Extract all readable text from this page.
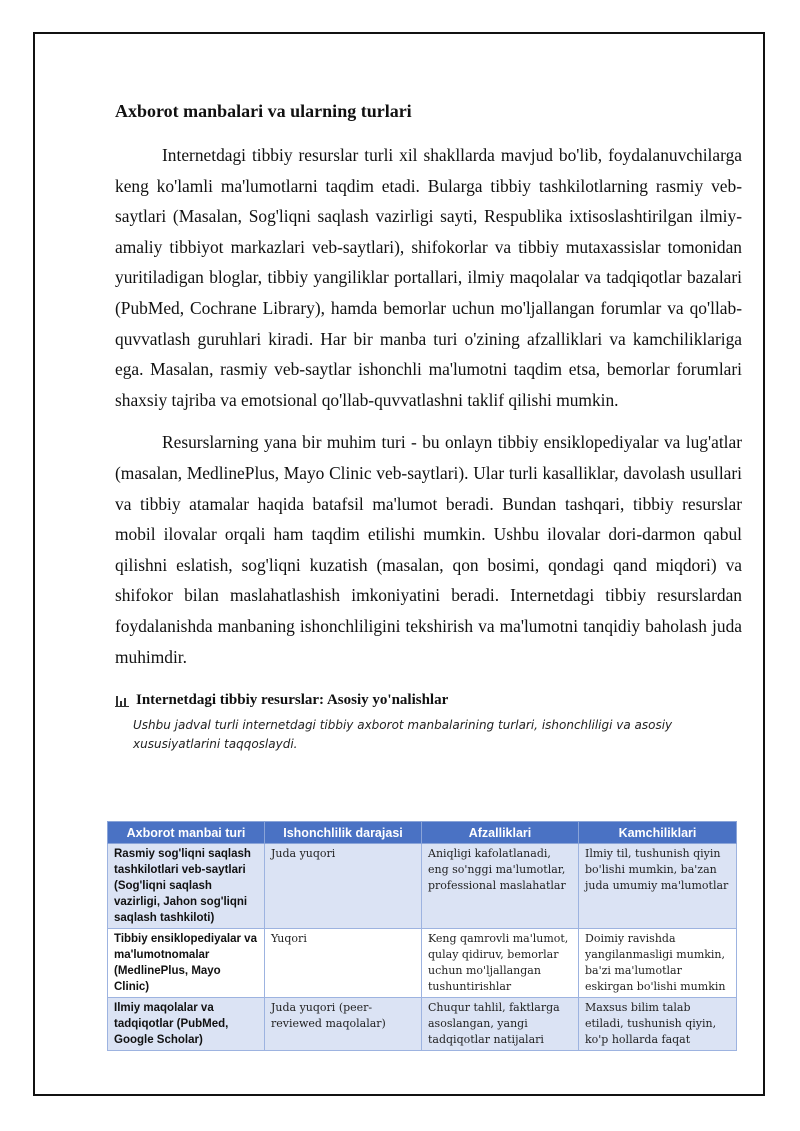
Axborot manbalari va ularning turlari

Internetdagi tibbiy resurslar turli xil shakllarda mavjud bo'lib, foydalanuvchilarga keng ko'lamli ma'lumotlarni taqdim etadi. Bularga tibbiy tashkilotlarning rasmiy veb-saytlari (Masalan, Sog'liqni saqlash vazirligi sayti, Respublika ixtisoslashtirilgan ilmiy-amaliy tibbiyot markazlari veb-saytlari), shifokorlar va tibbiy mutaxassislar tomonidan yuritiladigan bloglar, tibbiy yangiliklar portallari, ilmiy maqolalar va tadqiqotlar bazalari (PubMed, Cochrane Library), hamda bemorlar uchun mo'ljallangan forumlar va qo'llab-quvvatlash guruhlari kiradi. Har bir manba turi o'zining afzalliklari va kamchiliklariga ega. Masalan, rasmiy veb-saytlar ishonchli ma'lumotni taqdim etsa, bemorlar forumlari shaxsiy tajriba va emotsional qo'llab-quvvatlashni taklif qilishi mumkin.

Resurslarning yana bir muhim turi - bu onlayn tibbiy ensiklopediyalar va lug'atlar (masalan, MedlinePlus, Mayo Clinic veb-saytlari). Ular turli kasalliklar, davolash usullari va tibbiy atamalar haqida batafsil ma'lumot beradi. Bundan tashqari, tibbiy resurslar mobil ilovalar orqali ham taqdim etilishi mumkin. Ushbu ilovalar dori-darmon qabul qilishni eslatish, sog'liqni kuzatish (masalan, qon bosimi, qondagi qand miqdori) va shifokor bilan maslahatlashish imkoniyatini beradi. Internetdagi tibbiy resurslardan foydalanishda manbaning ishonchliligini tekshirish va ma'lumotni tanqidiy baholash juda muhimdir.

Internetdagi tibbiy resurslar: Asosiy yo'nalishlar
Ushbu jadval turli internetdagi tibbiy axborot manbalarining turlari, ishonchliligi va asosiy xususiyatlarini taqqoslaydi.
Axborot manbai turi	Ishonchlilik darajasi	Afzalliklari	Kamchiliklari
Rasmiy sog'liqni saqlash tashkilotlari veb-saytlari (Sog'liqni saqlash vazirligi, Jahon sog'liqni saqlash tashkiloti)	Juda yuqori	Aniqligi kafolatlanadi, eng so'nggi ma'lumotlar, professional maslahatlar	Ilmiy til, tushunish qiyin bo'lishi mumkin, ba'zan juda umumiy ma'lumotlar
Tibbiy ensiklopediyalar va ma'lumotnomalar (MedlinePlus, Mayo Clinic)	Yuqori	Keng qamrovli ma'lumot, qulay qidiruv, bemorlar uchun mo'ljallangan tushuntirishlar	Doimiy ravishda yangilanmasligi mumkin, ba'zi ma'lumotlar eskirgan bo'lishi mumkin
Ilmiy maqolalar va tadqiqotlar (PubMed, Google Scholar)	Juda yuqori (peer-reviewed maqolalar)	Chuqur tahlil, faktlarga asoslangan, yangi tadqiqotlar natijalari	Maxsus bilim talab etiladi, tushunish qiyin, ko'p hollarda faqat
